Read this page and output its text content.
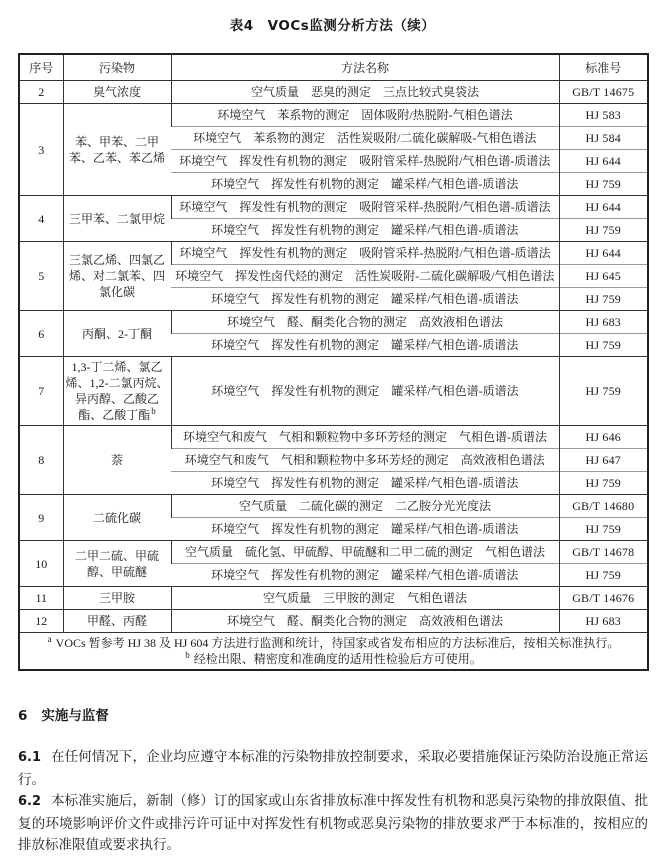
表4　VOCs监测分析方法（续）
序号	污染物	方法名称	标准号
2	臭气浓度	空气质量　恶臭的测定　三点比较式臭袋法	GB/T 14675
3	苯、甲苯、二甲苯、乙苯、苯乙烯	环境空气　苯系物的测定　固体吸附/热脱附-气相色谱法	HJ 583
		环境空气　苯系物的测定　活性炭吸附/二硫化碳解吸-气相色谱法	HJ 584
		环境空气　挥发性有机物的测定　吸附管采样-热脱附/气相色谱-质谱法	HJ 644
		环境空气　挥发性有机物的测定　罐采样/气相色谱-质谱法	HJ 759
4	三甲苯、二氯甲烷	环境空气　挥发性有机物的测定　吸附管采样-热脱附/气相色谱-质谱法	HJ 644
		环境空气　挥发性有机物的测定　罐采样/气相色谱-质谱法	HJ 759
5	三氯乙烯、四氯乙烯、对二氯苯、四氯化碳	环境空气　挥发性有机物的测定　吸附管采样-热脱附/气相色谱-质谱法	HJ 644
		环境空气　挥发性卤代烃的测定　活性炭吸附-二硫化碳解吸/气相色谱法	HJ 645
		环境空气　挥发性有机物的测定　罐采样/气相色谱-质谱法	HJ 759
6	丙酮、2-丁酮	环境空气　醛、酮类化合物的测定　高效液相色谱法	HJ 683
		环境空气　挥发性有机物的测定　罐采样/气相色谱-质谱法	HJ 759
7	1,3-丁二烯、氯乙烯、1,2-二氯丙烷、异丙醇、乙酸乙酯、乙酸丁酯$^b$	环境空气　挥发性有机物的测定　罐采样/气相色谱-质谱法	HJ 759
8	萘	环境空气和废气　气相和颗粒物中多环芳烃的测定　气相色谱-质谱法	HJ 646
		环境空气和废气　气相和颗粒物中多环芳烃的测定　高效液相色谱法	HJ 647
		环境空气　挥发性有机物的测定　罐采样/气相色谱-质谱法	HJ 759
9	二硫化碳	空气质量　二硫化碳的测定　二乙胺分光光度法	GB/T 14680
		环境空气　挥发性有机物的测定　罐采样/气相色谱-质谱法	HJ 759
10	二甲二硫、甲硫醇、甲硫醚	空气质量　硫化氢、甲硫醇、甲硫醚和二甲二硫的测定　气相色谱法	GB/T 14678
		环境空气　挥发性有机物的测定　罐采样/气相色谱-质谱法	HJ 759
11	三甲胺	空气质量　三甲胺的测定　气相色谱法	GB/T 14676
12	甲醛、丙醛	环境空气　醛、酮类化合物的测定　高效液相色谱法	HJ 683

$^a$ VOCs 暂参考 HJ 38 及 HJ 604 方法进行监测和统计，待国家或省发布相应的方法标准后，按相关标准执行。
$^b$ 经检出限、精密度和准确度的适用性检验后方可使用。			
6 实施与监督
6.1 在任何情况下，企业均应遵守本标准的污染物排放控制要求，采取必要措施保证污染防治设施正常运行。
6.2 本标准实施后，新制（修）订的国家或山东省排放标准中挥发性有机物和恶臭污染物的排放限值、批复的环境影响评价文件或排污许可证中对挥发性有机物或恶臭污染物的排放要求严于本标准的，按相应的排放标准限值或要求执行。
